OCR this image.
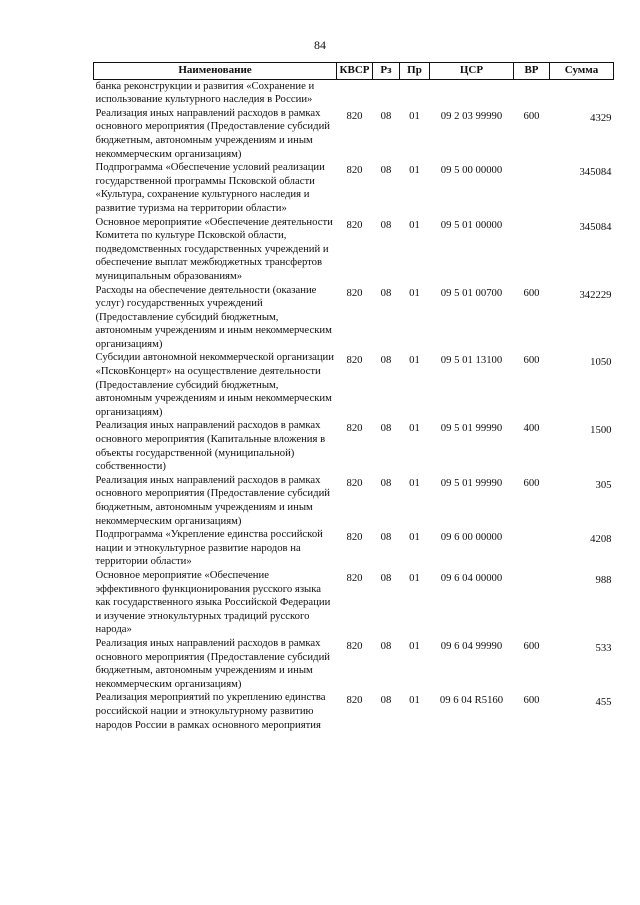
84
Наименование	КВСР	Рз	Пр	ЦСР	ВР	Сумма
банка реконструкции и развития «Сохранение и использование культурного наследия в России»						
Реализация иных направлений расходов в рамках основного мероприятия (Предоставление субсидий бюджетным, автономным учреждениям и иным некоммерческим организациям)	820	08	01	09 2 03 99990	600	4329
Подпрограмма «Обеспечение условий реализации государственной программы Псковской области «Культура, сохранение культурного наследия и развитие туризма на территории области»	820	08	01	09 5 00 00000		345084
Основное мероприятие «Обеспечение деятельности Комитета по культуре Псковской области, подведомственных государственных учреждений и обеспечение выплат межбюджетных трансфертов муниципальным образованиям»	820	08	01	09 5 01 00000		345084
Расходы на обеспечение деятельности (оказание услуг) государственных учреждений (Предоставление субсидий бюджетным, автономным учреждениям и иным некоммерческим организациям)	820	08	01	09 5 01 00700	600	342229
Субсидии автономной некоммерческой организации «ПсковКонцерт» на осуществление деятельности (Предоставление субсидий бюджетным, автономным учреждениям и иным некоммерческим организациям)	820	08	01	09 5 01 13100	600	1050
Реализация иных направлений расходов в рамках основного мероприятия (Капитальные вложения в объекты государственной (муниципальной) собственности)	820	08	01	09 5 01 99990	400	1500
Реализация иных направлений расходов в рамках основного мероприятия (Предоставление субсидий бюджетным, автономным учреждениям и иным некоммерческим организациям)	820	08	01	09 5 01 99990	600	305
Подпрограмма «Укрепление единства российской нации и этнокультурное развитие народов на территории области»	820	08	01	09 6 00 00000		4208
Основное мероприятие «Обеспечение эффективного функционирования русского языка как государственного языка Российской Федерации и изучение этнокультурных традиций русского народа»	820	08	01	09 6 04 00000		988
Реализация иных направлений расходов в рамках основного мероприятия (Предоставление субсидий бюджетным, автономным учреждениям и иным некоммерческим организациям)	820	08	01	09 6 04 99990	600	533
Реализация мероприятий по укреплению единства российской нации и этнокультурному развитию народов России в рамках основного мероприятия	820	08	01	09 6 04 R5160	600	455
